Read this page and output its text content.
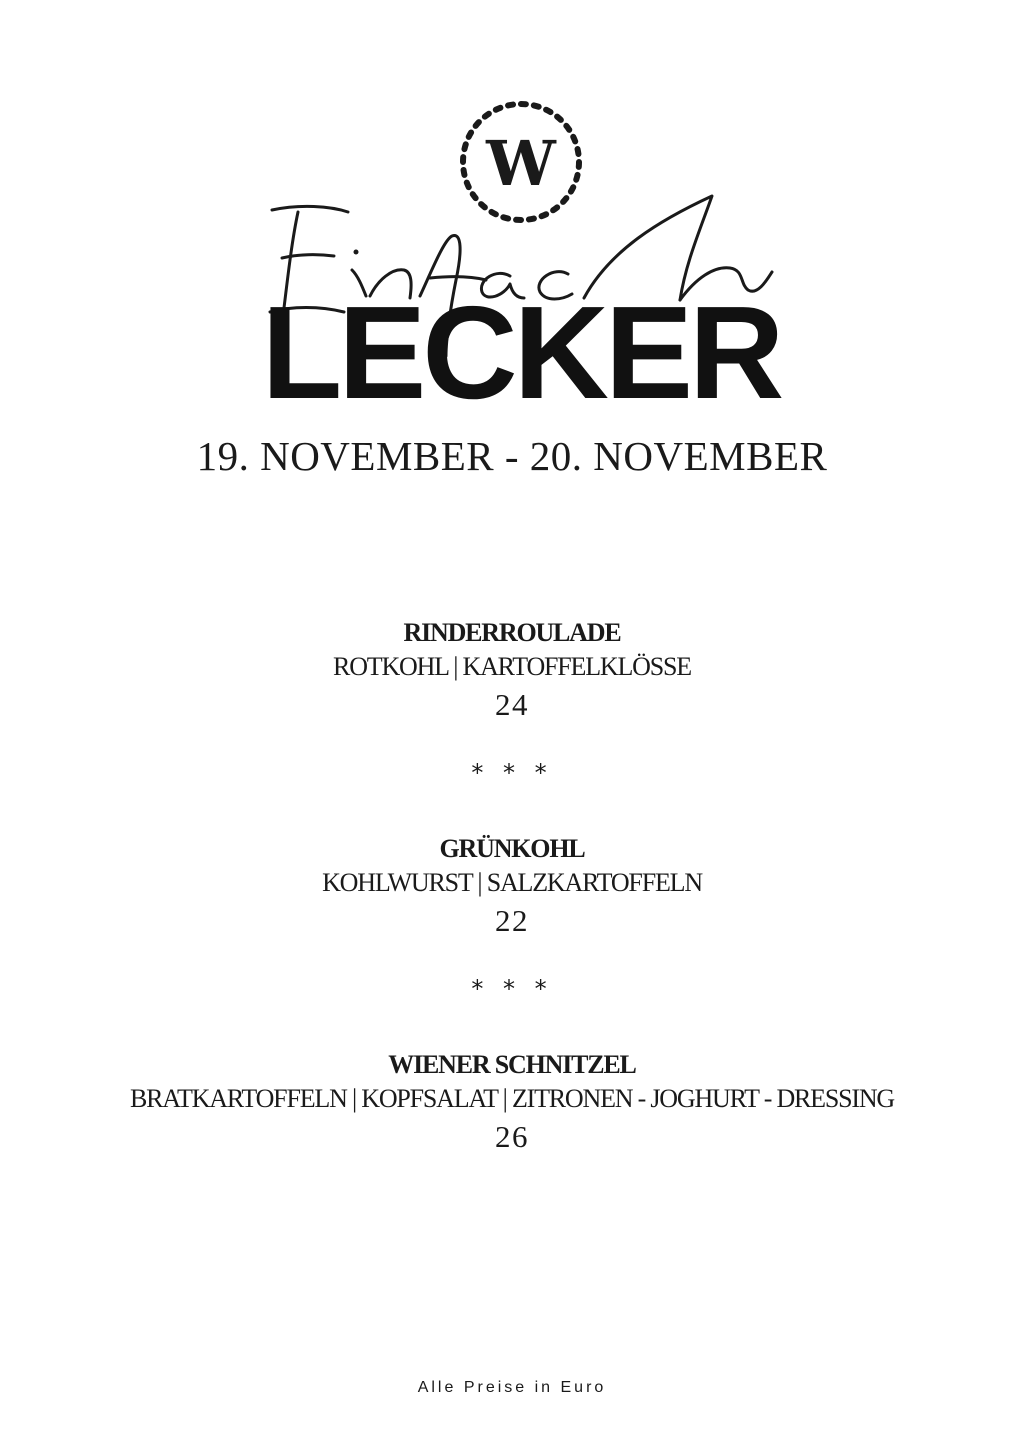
W
LECKER
19. NOVEMBER - 20. NOVEMBER
RINDERROULADE
ROTKOHL | KARTOFFELKLÖSSE
24
* * *
GRÜNKOHL
KOHLWURST | SALZKARTOFFELN
22
* * *
WIENER SCHNITZEL
BRATKARTOFFELN | KOPFSALAT | ZITRONEN - JOGHURT - DRESSING
26
Alle Preise in Euro
